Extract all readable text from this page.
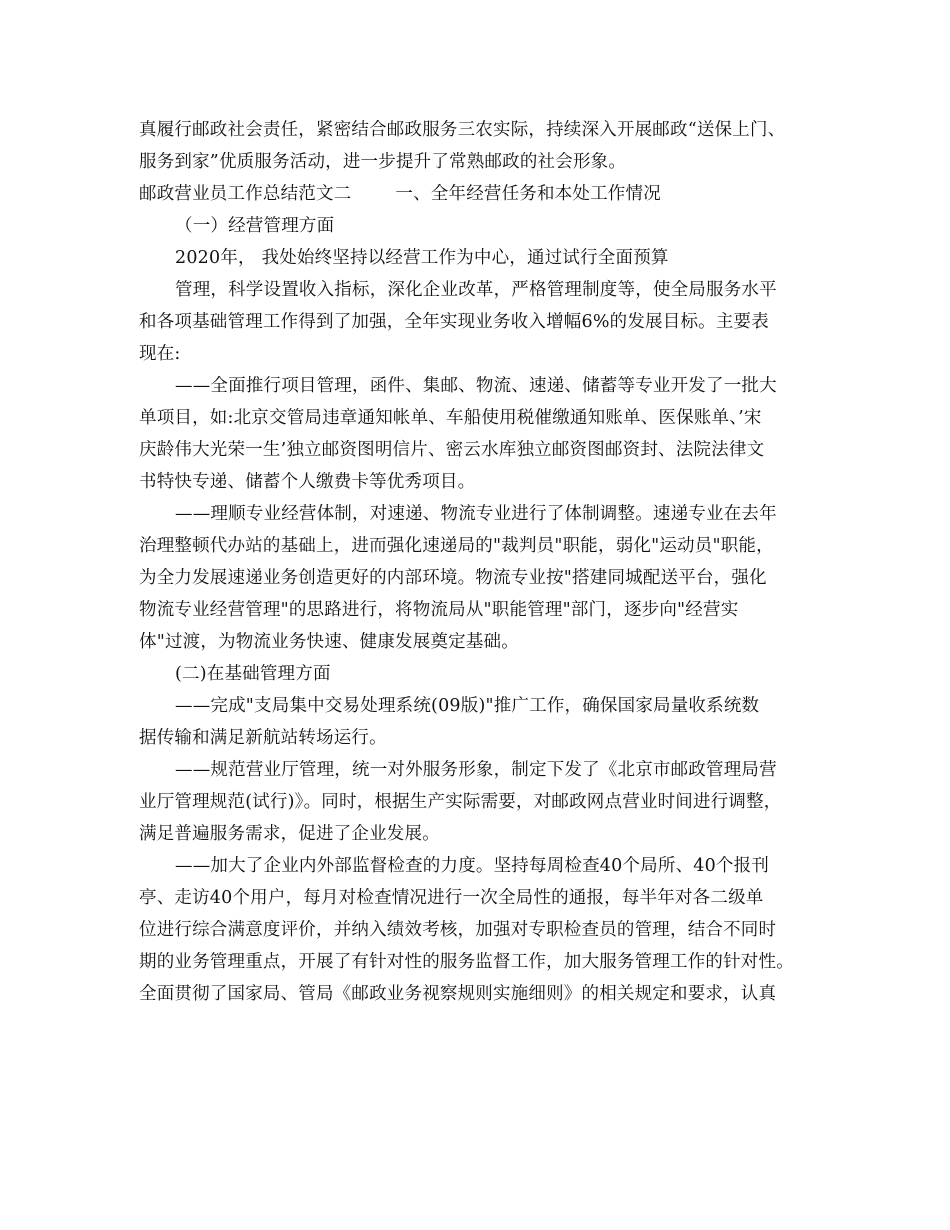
真履行邮政社会责任，紧密结合邮政服务三农实际，持续深入开展邮政“送保上门、
服务到家”优质服务活动，进一步提升了常熟邮政的社会形象。
邮政营业员工作总结范文二	一、全年经营任务和本处工作情况
（一）经营管理方面
2020年， 我处始终坚持以经营工作为中心，通过试行全面预算
管理，科学设置收入指标，深化企业改革，严格管理制度等，使全局服务水平
和各项基础管理工作得到了加强，全年实现业务收入增幅6%的发展目标。主要表
现在:
——全面推行项目管理，函件、集邮、物流、速递、储蓄等专业开发了一批大
单项目，如:北京交管局违章通知帐单、车船使用税催缴通知账单、医保账单、’宋
庆龄伟大光荣一生’独立邮资图明信片、密云水库独立邮资图邮资封、法院法律文
书特快专递、储蓄个人缴费卡等优秀项目。
——理顺专业经营体制，对速递、物流专业进行了体制调整。速递专业在去年
治理整顿代办站的基础上，进而强化速递局的"裁判员"职能，弱化"运动员"职能，
为全力发展速递业务创造更好的内部环境。物流专业按"搭建同城配送平台，强化
物流专业经营管理"的思路进行，将物流局从"职能管理"部门，逐步向"经营实
体"过渡，为物流业务快速、健康发展奠定基础。
(二)在基础管理方面
——完成"支局集中交易处理系统(09版)"推广工作，确保国家局量收系统数
据传输和满足新航站转场运行。
——规范营业厅管理，统一对外服务形象，制定下发了《北京市邮政管理局营
业厅管理规范(试行)》。同时，根据生产实际需要，对邮政网点营业时间进行调整，
满足普遍服务需求，促进了企业发展。
——加大了企业内外部监督检查的力度。坚持每周检查40个局所、40个报刊
亭、走访40个用户，每月对检查情况进行一次全局性的通报，每半年对各二级单
位进行综合满意度评价，并纳入绩效考核，加强对专职检查员的管理，结合不同时
期的业务管理重点，开展了有针对性的服务监督工作，加大服务管理工作的针对性。
全面贯彻了国家局、管局《邮政业务视察规则实施细则》的相关规定和要求，认真
